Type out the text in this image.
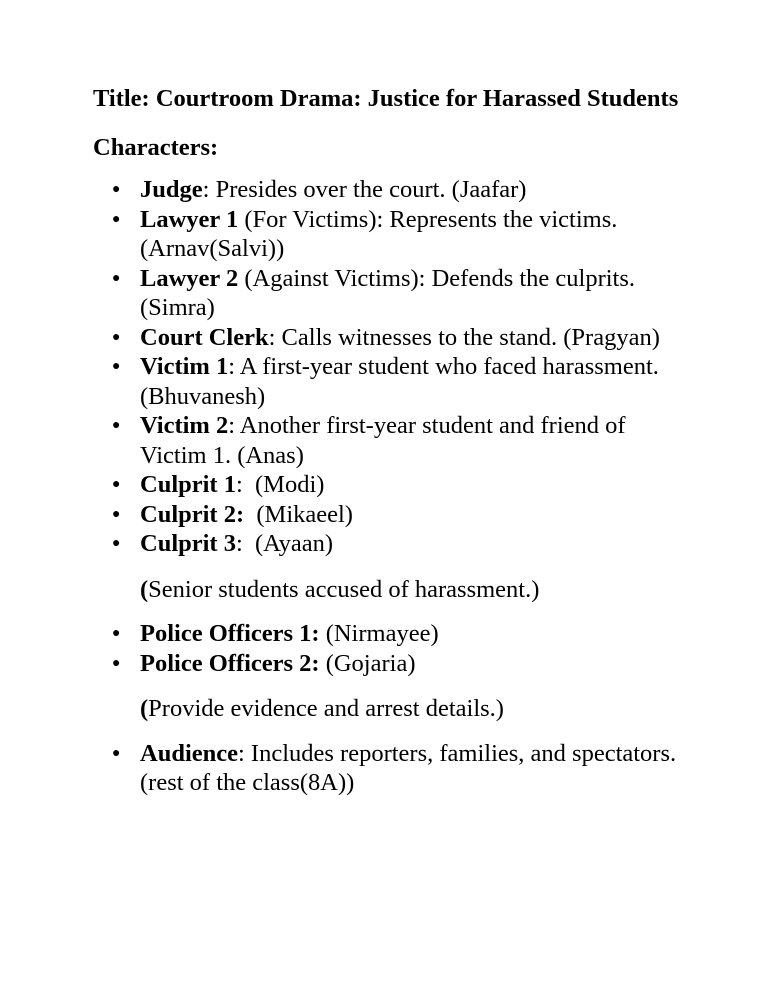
Title: Courtroom Drama: Justice for Harassed Students

Characters:

● Judge: Presides over the court. (Jaafar)
● Lawyer 1 (For Victims): Represents the victims. (Arnav(Salvi))
● Lawyer 2 (Against Victims): Defends the culprits. (Simra)
● Court Clerk: Calls witnesses to the stand. (Pragyan)
● Victim 1: A first-year student who faced harassment. (Bhuvanesh)
● Victim 2: Another first-year student and friend of Victim 1. (Anas)
● Culprit 1:  (Modi)
● Culprit 2:  (Mikaeel)
● Culprit 3:  (Ayaan)

(Senior students accused of harassment.)

● Police Officers 1: (Nirmayee)
● Police Officers 2: (Gojaria)

(Provide evidence and arrest details.)

● Audience: Includes reporters, families, and spectators. (rest of the class(8A))
